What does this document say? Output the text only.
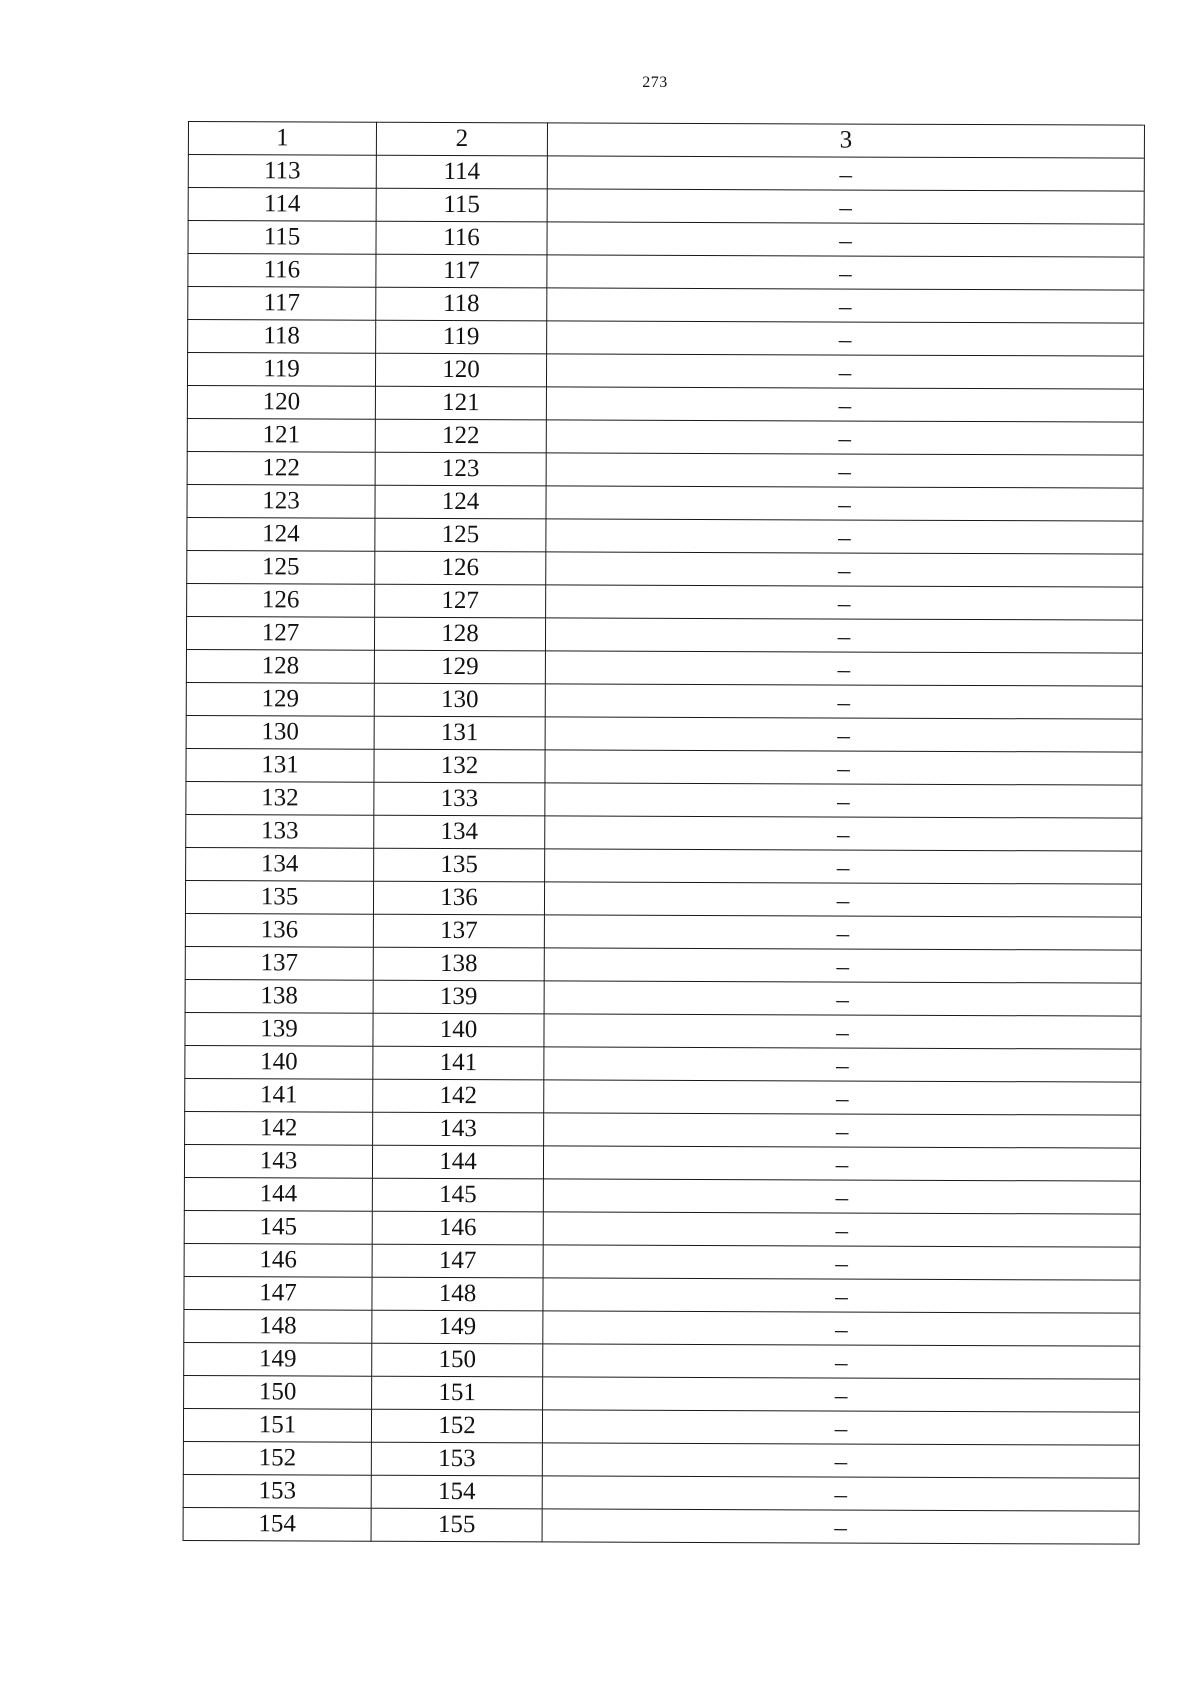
273
1	2	3
113	114	–
114	115	–
115	116	–
116	117	–
117	118	–
118	119	–
119	120	–
120	121	–
121	122	–
122	123	–
123	124	–
124	125	–
125	126	–
126	127	–
127	128	–
128	129	–
129	130	–
130	131	–
131	132	–
132	133	–
133	134	–
134	135	–
135	136	–
136	137	–
137	138	–
138	139	–
139	140	–
140	141	–
141	142	–
142	143	–
143	144	–
144	145	–
145	146	–
146	147	–
147	148	–
148	149	–
149	150	–
150	151	–
151	152	–
152	153	–
153	154	–
154	155	–
